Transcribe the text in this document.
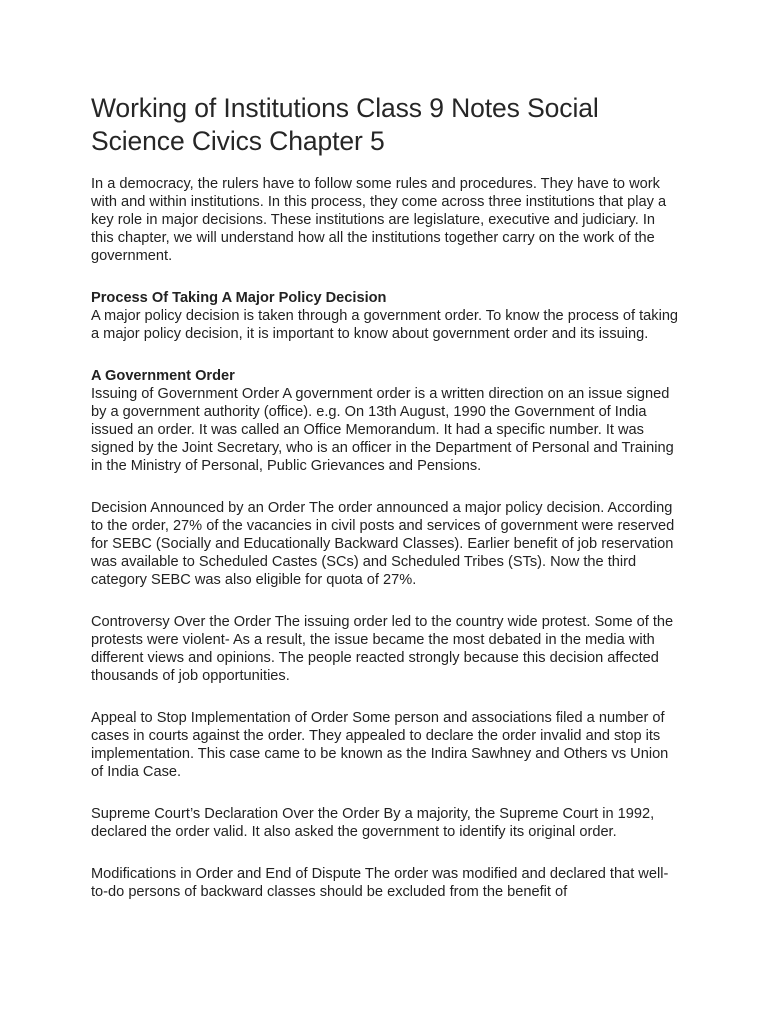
Working of Institutions Class 9 Notes Social Science Civics Chapter 5

In a democracy, the rulers have to follow some rules and procedures. They have to work with and within institutions. In this process, they come across three institutions that play a key role in major decisions. These institutions are legislature, executive and judiciary. In this chapter, we will understand how all the institutions together carry on the work of the government.

Process Of Taking A Major Policy Decision

A major policy decision is taken through a government order. To know the process of taking a major policy decision, it is important to know about government order and its issuing.

A Government Order

Issuing of Government Order A government order is a written direction on an issue signed by a government authority (office). e.g. On 13th August, 1990 the Government of India issued an order. It was called an Office Memorandum. It had a specific number. It was signed by the Joint Secretary, who is an officer in the Department of Personal and Training in the Ministry of Personal, Public Grievances and Pensions.

Decision Announced by an Order The order announced a major policy decision. According to the order, 27% of the vacancies in civil posts and services of government were reserved for SEBC (Socially and Educationally Backward Classes). Earlier benefit of job reservation was available to Scheduled Castes (SCs) and Scheduled Tribes (STs). Now the third category SEBC was also eligible for quota of 27%.

Controversy Over the Order The issuing order led to the country wide protest. Some of the protests were violent- As a result, the issue became the most debated in the media with different views and opinions. The people reacted strongly because this decision affected thousands of job opportunities.

Appeal to Stop Implementation of Order Some person and associations filed a number of cases in courts against the order. They appealed to declare the order invalid and stop its implementation. This case came to be known as the Indira Sawhney and Others vs Union of India Case.

Supreme Court’s Declaration Over the Order By a majority, the Supreme Court in 1992, declared the order valid. It also asked the government to identify its original order.

Modifications in Order and End of Dispute The order was modified and declared that well-to-do persons of backward classes should be excluded from the benefit of
